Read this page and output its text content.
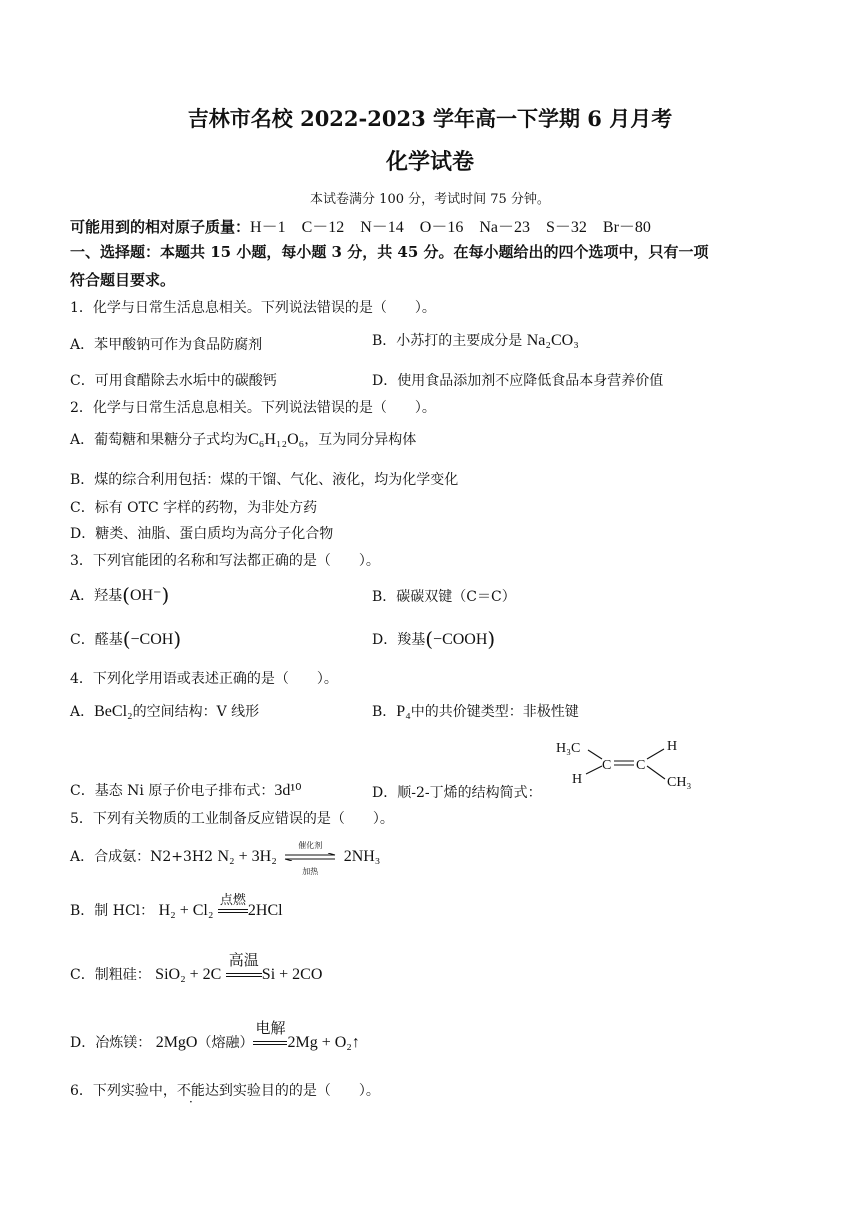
吉林市名校 2022-2023 学年高一下学期 6 月月考
化学试卷
本试卷满分 100 分，考试时间 75 分钟。
可能用到的相对原子质量：H－1　C－12　N－14　O－16　Na－23　S－32　Br－80
一、选择题：本题共 15 小题，每小题 3 分，共 45 分。在每小题给出的四个选项中，只有一项
符合题目要求。
1．化学与日常生活息息相关。下列说法错误的是（　　）。
A．苯甲酸钠可作为食品防腐剂	B．小苏打的主要成分是 Na₂CO₃
C．可用食醋除去水垢中的碳酸钙	D．使用食品添加剂不应降低食品本身营养价值
2．化学与日常生活息息相关。下列说法错误的是（　　）。
A．葡萄糖和果糖分子式均为C₆H₁₂O₆，互为同分异构体
B．煤的综合利用包括：煤的干馏、气化、液化，均为化学变化
C．标有 OTC 字样的药物，为非处方药
D．糖类、油脂、蛋白质均为高分子化合物
3．下列官能团的名称和写法都正确的是（　　）。
A．羟基(OH⁻)	B．碳碳双键（C＝C）
C．醛基(−COH)	D．羧基(−COOH)
4．下列化学用语或表述正确的是（　　）。
A．BeCl₂的空间结构：V 线形	B．P₄中的共价键类型：非极性键
C．基态 Ni 原子价电子排布式：3d¹⁰	D．顺-2-丁烯的结构简式：
H₃C	H
H	CH₃
C C
5．下列有关物质的工业制备反应错误的是（　　）。
A．合成氨：N2+3H2 N₂ + 3H₂
催化剂
加热
2NH₃
B．制 HCl： H₂ + Cl₂
点燃
2HCl
C．制粗硅： SiO₂ + 2C
高温
Si + 2CO
D．冶炼镁： 2MgO（熔融）
电解
2Mg + O₂↑
6．下列实验中，不能达到实验目的的是（　　）。
